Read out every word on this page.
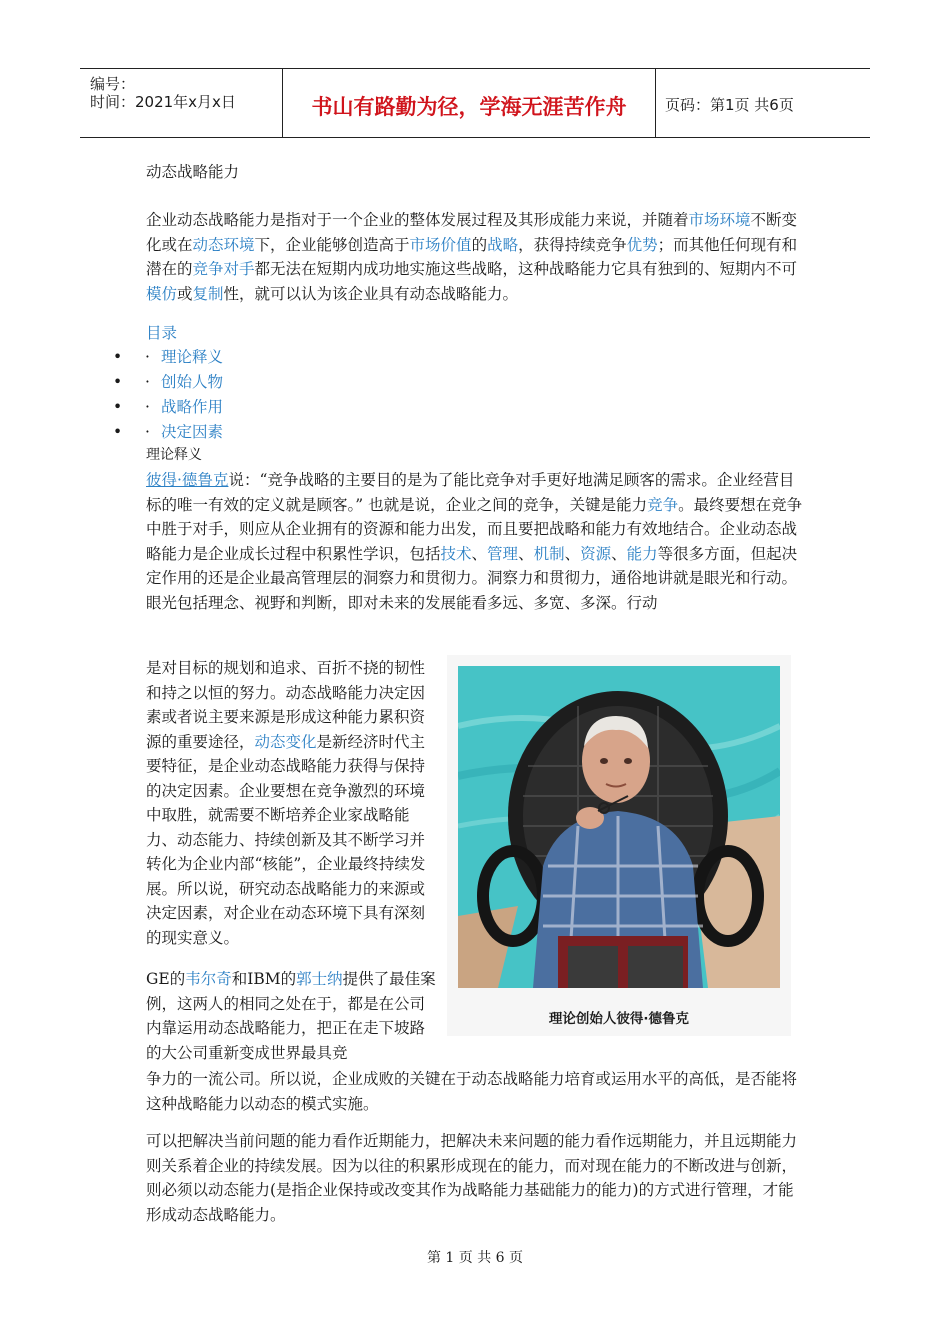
编号：
时间：2021年x月x日	书山有路勤为径，学海无涯苦作舟	页码：第1页 共6页
动态战略能力
企业动态战略能力是指对于一个企业的整体发展过程及其形成能力来说，并随着市场环境不断变化或在动态环境下，企业能够创造高于市场价值的战略，获得持续竞争优势；而其他任何现有和潜在的竞争对手都无法在短期内成功地实施这些战略，这种战略能力它具有独到的、短期内不可模仿或复制性，就可以认为该企业具有动态战略能力。
目录
• · 理论释义
• · 创始人物
• · 战略作用
• · 决定因素
理论释义
彼得·德鲁克说：“竞争战略的主要目的是为了能比竞争对手更好地满足顾客的需求。企业经营目标的唯一有效的定义就是顾客。” 也就是说，企业之间的竞争，关键是能力竞争。最终要想在竞争中胜于对手，则应从企业拥有的资源和能力出发，而且要把战略和能力有效地结合。企业动态战略能力是企业成长过程中积累性学识，包括技术、管理、机制、资源、能力等很多方面，但起决定作用的还是企业最高管理层的洞察力和贯彻力。洞察力和贯彻力，通俗地讲就是眼光和行动。眼光包括理念、视野和判断，即对未来的发展能看多远、多宽、多深。行动
是对目标的规划和追求、百折不挠的韧性和持之以恒的努力。动态战略能力决定因素或者说主要来源是形成这种能力累积资源的重要途径，动态变化是新经济时代主要特征，是企业动态战略能力获得与保持的决定因素。企业要想在竞争激烈的环境中取胜，就需要不断培养企业家战略能力、动态能力、持续创新及其不断学习并转化为企业内部“核能”，企业最终持续发展。所以说，研究动态战略能力的来源或决定因素，对企业在动态环境下具有深刻的现实意义。
GE的韦尔奇和IBM的郭士纳提供了最佳案例，这两人的相同之处在于，都是在公司内靠运用动态战略能力，把正在走下坡路的大公司重新变成世界最具竞
争力的一流公司。所以说，企业成败的关键在于动态战略能力培育或运用水平的高低，是否能将这种战略能力以动态的模式实施。
可以把解决当前问题的能力看作近期能力，把解决未来问题的能力看作远期能力，并且远期能力则关系着企业的持续发展。因为以往的积累形成现在的能力，而对现在能力的不断改进与创新，则必须以动态能力(是指企业保持或改变其作为战略能力基础能力的能力)的方式进行管理，才能形成动态战略能力。
理论创始人彼得·德鲁克
第 1 页 共 6 页
